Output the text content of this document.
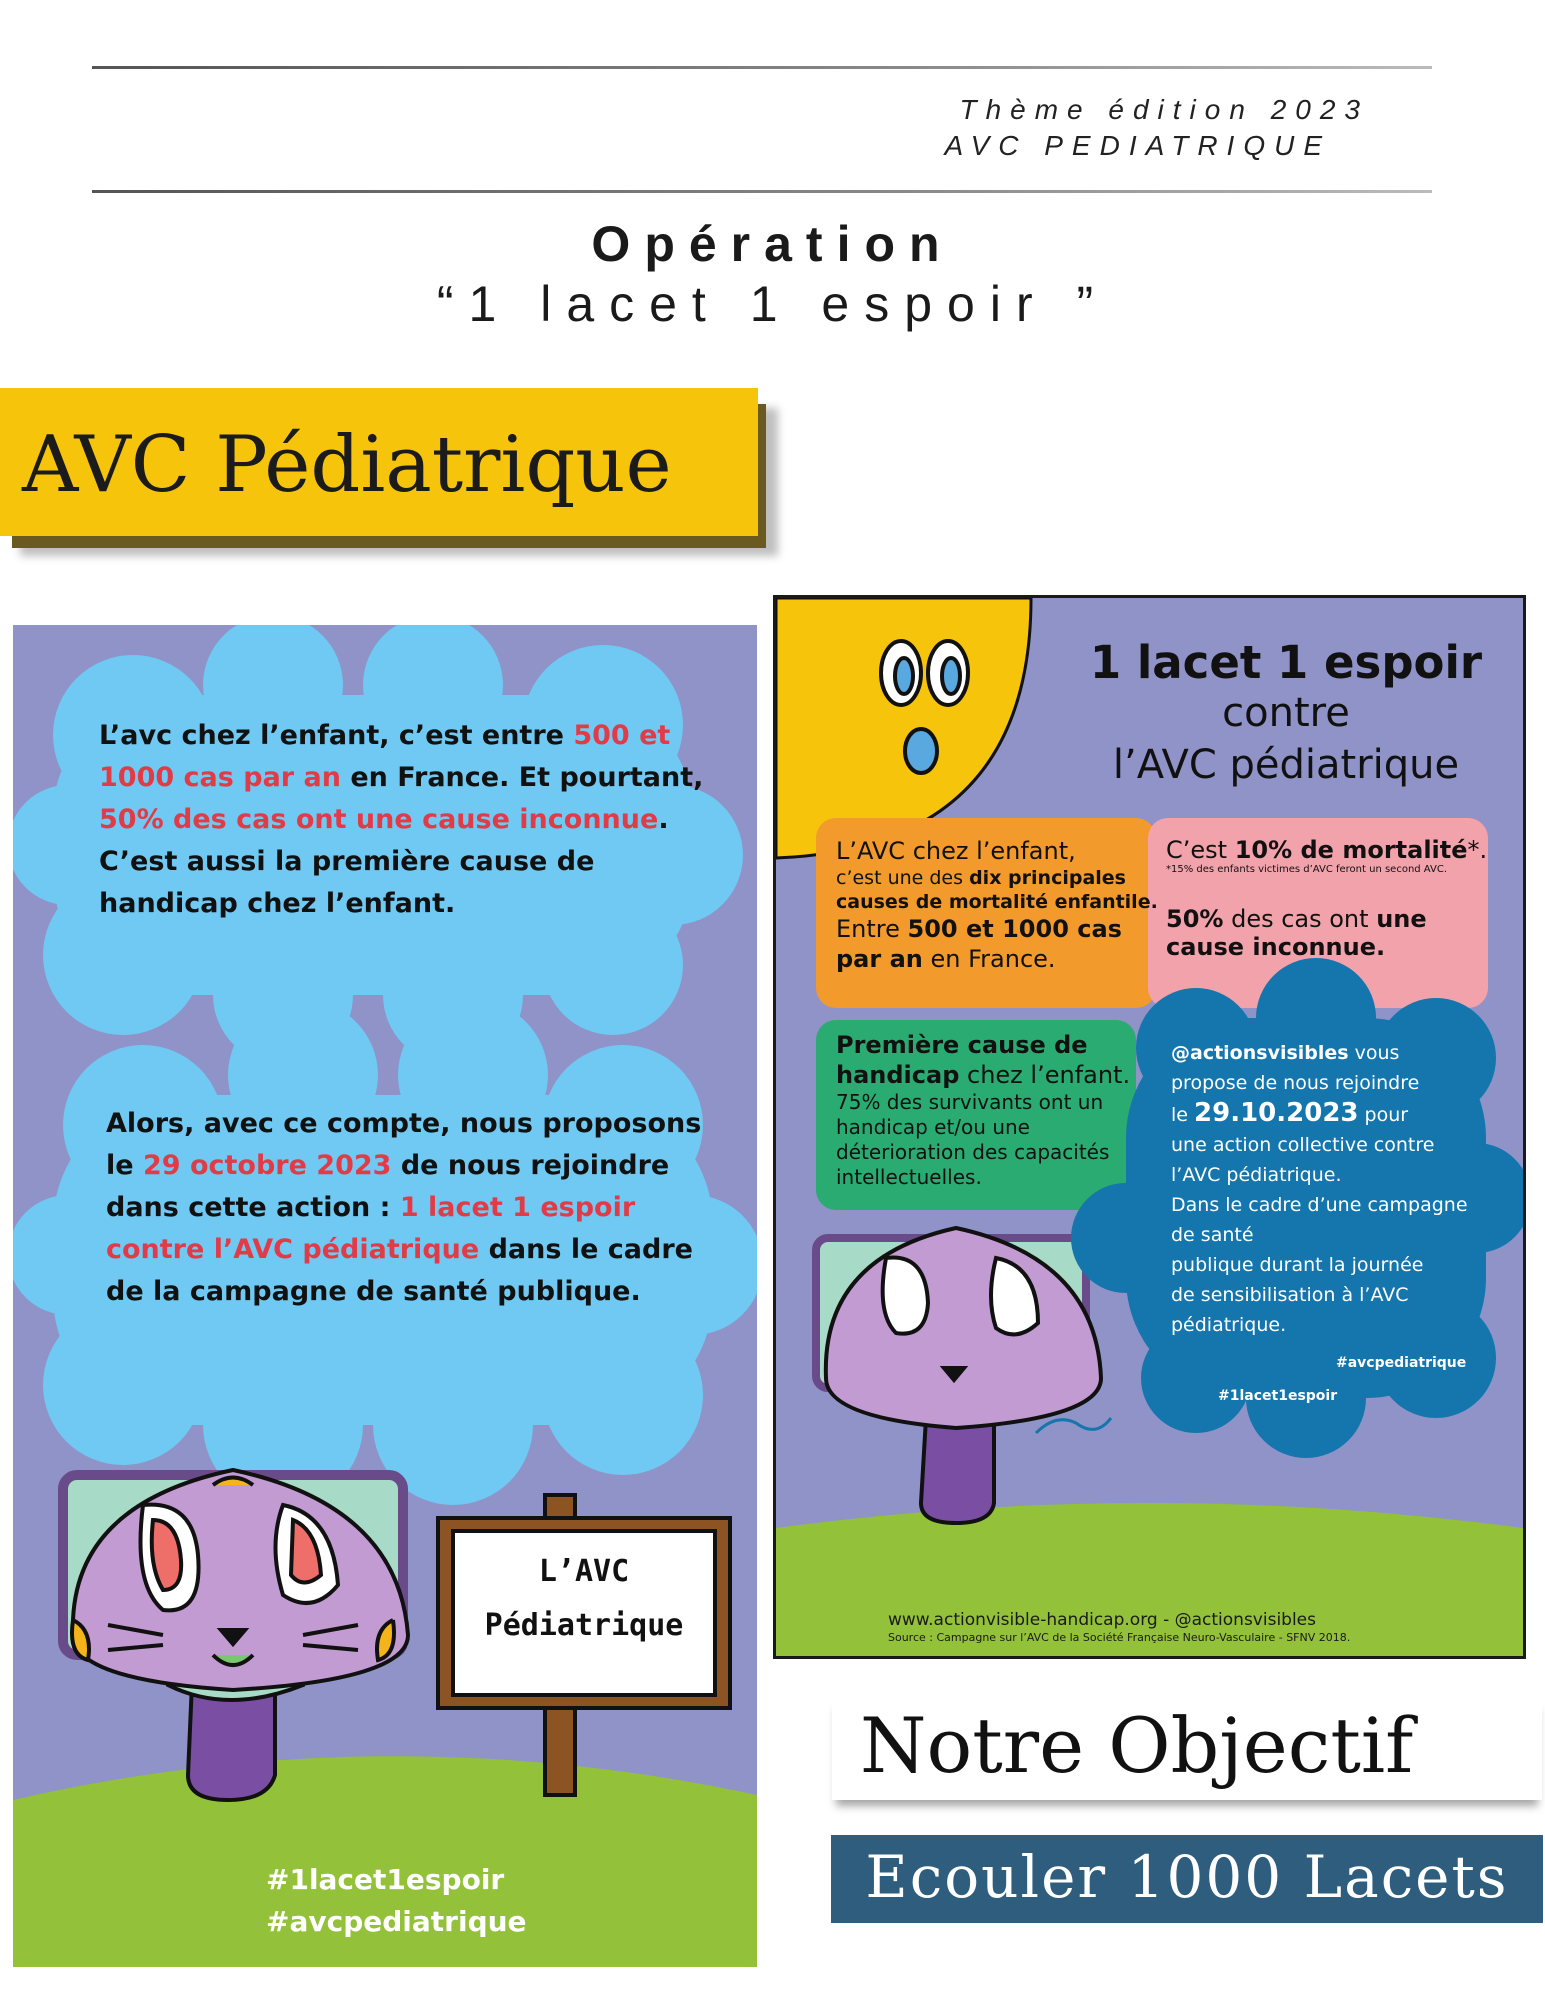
Thème édition 2023
AVC PEDIATRIQUE
Opération
“1 lacet 1 espoir ”
AVC Pédiatrique
L’avc chez l’enfant, c’est entre 500 et
1000 cas par an en France. Et pourtant,
50% des cas ont une cause inconnue.
C’est aussi la première cause de
handicap chez l’enfant.
Alors, avec ce compte, nous proposons
le 29 octobre 2023 de nous rejoindre
dans cette action : 1 lacet 1 espoir
contre l’AVC pédiatrique dans le cadre
de la campagne de santé publique.
L’AVC
Pédiatrique
#1lacet1espoir
#avcpediatrique
1 lacet 1 espoir
contre
l’AVC pédiatrique
L’AVC chez l’enfant,
c’est une des dix principales
causes de mortalité enfantile.
Entre 500 et 1000 cas
par an en France.
C’est 10% de mortalité*.
*15% des enfants victimes d’AVC feront un second AVC.
50% des cas ont une
cause inconnue.
Première cause de
handicap chez l’enfant.
75% des survivants ont un
handicap et/ou une
déterioration des capacités
intellectuelles.
@actionsvisibles vous
propose de nous rejoindre
le 29.10.2023 pour
une action collective contre
l’AVC pédiatrique.
Dans le cadre d’une campagne
de santé
publique durant la journée
de sensibilisation à l’AVC
pédiatrique.
#avcpediatrique
#1lacet1espoir
www.actionvisible-handicap.org - @actionsvisibles
Source : Campagne sur l’AVC de la Société Française Neuro-Vasculaire - SFNV 2018.
Notre Objectif
Ecouler 1000 Lacets
